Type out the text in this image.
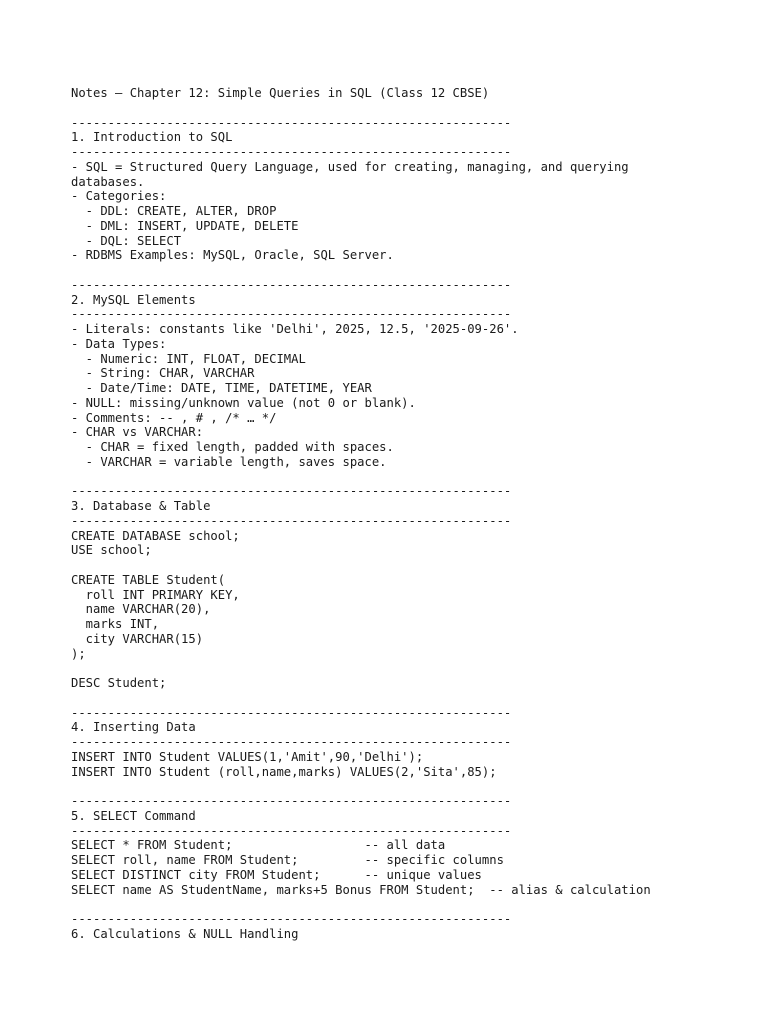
Notes – Chapter 12: Simple Queries in SQL (Class 12 CBSE)
------------------------------------------------------------
1. Introduction to SQL
------------------------------------------------------------
- SQL = Structured Query Language, used for creating, managing, and querying
databases.
- Categories:
- DDL: CREATE, ALTER, DROP
- DML: INSERT, UPDATE, DELETE
- DQL: SELECT
- RDBMS Examples: MySQL, Oracle, SQL Server.
------------------------------------------------------------
2. MySQL Elements
------------------------------------------------------------
- Literals: constants like 'Delhi', 2025, 12.5, '2025-09-26'.
- Data Types:
- Numeric: INT, FLOAT, DECIMAL
- String: CHAR, VARCHAR
- Date/Time: DATE, TIME, DATETIME, YEAR
- NULL: missing/unknown value (not 0 or blank).
- Comments: -- , # , /* … */
- CHAR vs VARCHAR:
- CHAR = fixed length, padded with spaces.
- VARCHAR = variable length, saves space.
------------------------------------------------------------
3. Database & Table
------------------------------------------------------------
CREATE DATABASE school;
USE school;
CREATE TABLE Student(
roll INT PRIMARY KEY,
name VARCHAR(20),
marks INT,
city VARCHAR(15)
);
DESC Student;
------------------------------------------------------------
4. Inserting Data
------------------------------------------------------------
INSERT INTO Student VALUES(1,'Amit',90,'Delhi');
INSERT INTO Student (roll,name,marks) VALUES(2,'Sita',85);
------------------------------------------------------------
5. SELECT Command
------------------------------------------------------------
SELECT * FROM Student;                  -- all data
SELECT roll, name FROM Student;         -- specific columns
SELECT DISTINCT city FROM Student;      -- unique values
SELECT name AS StudentName, marks+5 Bonus FROM Student;  -- alias & calculation
------------------------------------------------------------
6. Calculations & NULL Handling
